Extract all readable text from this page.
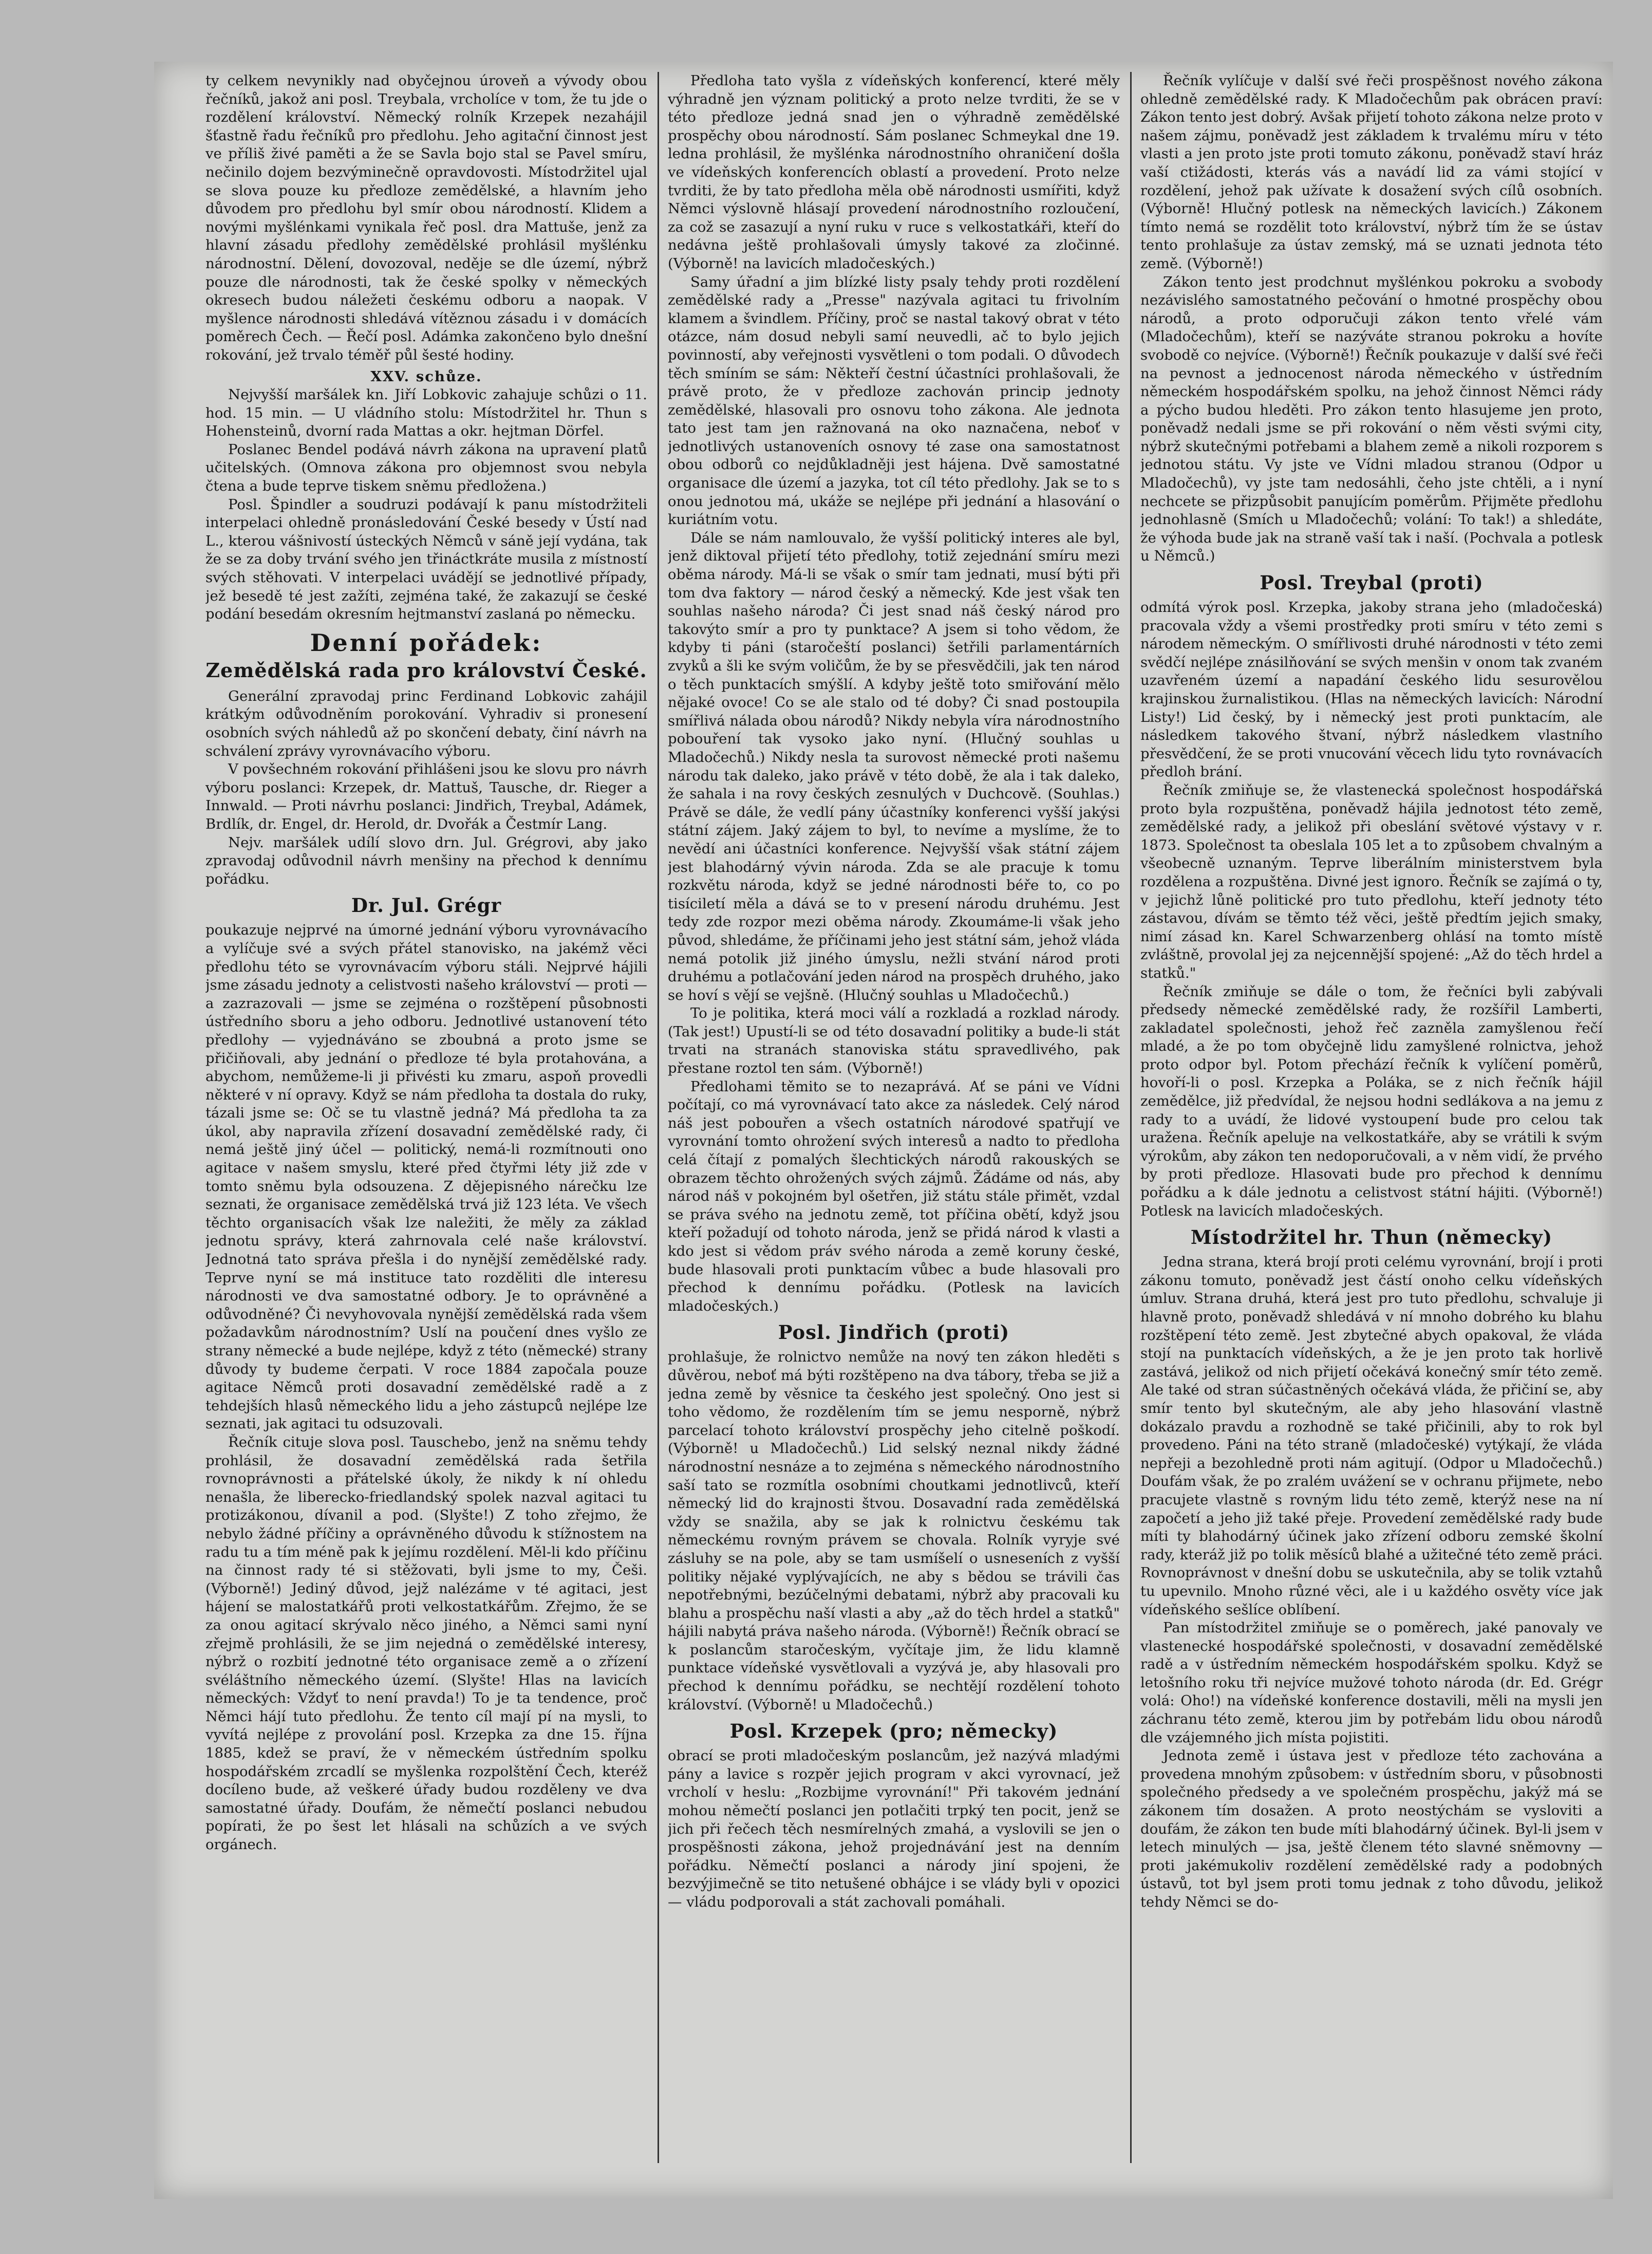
ty celkem nevynikly nad obyčejnou úroveň a vývody obou řečníků, jakož ani posl. Treybala, vrcholíce v tom, že tu jde o rozdělení království. Německý rolník Krzepek nezahájil šťastně řadu řečníků pro předlohu. Jeho agitační činnost jest ve příliš živé paměti a že se Savla bojo stal se Pavel smíru, nečinilo dojem bezvýminečně opravdovosti. Místodržitel ujal se slova pouze ku předloze zemědělské, a hlavním jeho důvodem pro předlohu byl smír obou národností. Klidem a novými myšlénkami vynikala řeč posl. dra Mattuše, jenž za hlavní zásadu předlohy zemědělské prohlásil myšlénku národnostní. Dělení, dovozoval, neděje se dle území, nýbrž pouze dle národnosti, tak že české spolky v německých okresech budou náležeti českému odboru a naopak. V myšlence národnosti shledává vítěznou zásadu i v domácích poměrech Čech. — Řečí posl. Adámka zakončeno bylo dnešní rokování, jež trvalo téměř půl šesté hodiny.

XXV. schůze.

Nejvyšší maršálek kn. Jiří Lobkovic zahajuje schůzi o 11. hod. 15 min. — U vládního stolu: Místodržitel hr. Thun s Hohensteinů, dvorní rada Mattas a okr. hejtman Dörfel.

Poslanec Bendel podává návrh zákona na upravení platů učitelských. (Omnova zákona pro objemnost svou nebyla čtena a bude teprve tiskem sněmu předložena.)

Posl. Špindler a soudruzi podávají k panu místodržiteli interpelaci ohledně pronásledování České besedy v Ústí nad L., kterou vášnivostí ústeckých Němců v sáně její vydána, tak že se za doby trvání svého jen třináctkráte musila z místností svých stěhovati. V interpelaci uvádějí se jednotlivé případy, jež besedě té jest zažíti, zejména také, že zakazují se české podání besedám okresním hejtmanství zaslaná po německu.

Denní pořádek:
Zemědělská rada pro království České.

Generální zpravodaj princ Ferdinand Lobkovic zahájil krátkým odůvodněním porokování. Vyhradiv si pronesení osobních svých náhledů až po skončení debaty, činí návrh na schválení zprávy vyrovnávacího výboru.

V povšechném rokování přihlášeni jsou ke slovu pro návrh výboru poslanci: Krzepek, dr. Mattuš, Tausche, dr. Rieger a Innwald. — Proti návrhu poslanci: Jindřich, Treybal, Adámek, Brdlík, dr. Engel, dr. Herold, dr. Dvořák a Čestmír Lang.

Nejv. maršálek udílí slovo drn. Jul. Grégrovi, aby jako zpravodaj odůvodnil návrh menšiny na přechod k dennímu pořádku.

Dr. Jul. Grégr

poukazuje nejprvé na úmorné jednání výboru vyrovnávacího a vylíčuje své a svých přátel stanovisko, na jakémž věci předlohu této se vyrovnávacím výboru stáli. Nejprvé hájili jsme zásadu jednoty a celistvosti našeho království — proti — a zazrazovali — jsme se zejména o rozštěpení působnosti ústředního sboru a jeho odboru. Jednotlivé ustanovení této předlohy — vyjednáváno se zboubná a proto jsme se přičiňovali, aby jednání o předloze té byla protahována, a abychom, nemůžeme-li ji přivésti ku zmaru, aspoň provedli některé v ní opravy. Když se nám předloha ta dostala do ruky, tázali jsme se: Oč se tu vlastně jedná? Má předloha ta za úkol, aby napravila zřízení dosavadní zemědělské rady, či nemá ještě jiný účel — politický, nemá-li rozmítnouti ono agitace v našem smyslu, které před čtyřmi léty již zde v tomto sněmu byla odsouzena. Z dějepisného nárečku lze seznati, že organisace zemědělská trvá již 123 léta. Ve všech těchto organisacích však lze naležiti, že měly za základ jednotu správy, která zahrnovala celé naše království. Jednotná tato správa přešla i do nynější zemědělské rady. Teprve nyní se má instituce tato rozděliti dle interesu národnosti ve dva samostatné odbory. Je to oprávněné a odůvodněné? Či nevyhovovala nynější zemědělská rada všem požadavkům národnostním? Uslí na poučení dnes vyšlo ze strany německé a bude nejlépe, když z této (německé) strany důvody ty budeme čerpati. V roce 1884 započala pouze agitace Němců proti dosavadní zemědělské radě a z tehdejších hlasů německého lidu a jeho zástupců nejlépe lze seznati, jak agitaci tu odsuzovali.

Řečník cituje slova posl. Tauschebo, jenž na sněmu tehdy prohlásil, že dosavadní zemědělská rada šetřila rovnoprávnosti a přátelské úkoly, že nikdy k ní ohledu nenašla, že liberecko-friedlandský spolek nazval agitaci tu protizákonou, dívanil a pod. (Slyšte!) Z toho zřejmo, že nebylo žádné příčiny a oprávněného důvodu k stížnostem na radu tu a tím méně pak k jejímu rozdělení. Měl-li kdo příčinu na činnost rady té si stěžovati, byli jsme to my, Češi. (Výborně!) Jediný důvod, jejž nalézáme v té agitaci, jest hájení se malostatkářů proti velkostatkářům. Zřejmo, že se za onou agitací skrývalo něco jiného, a Němci sami nyní zřejmě prohlásili, že se jim nejedná o zemědělské interesy, nýbrž o rozbití jednotné této organisace země a o zřízení svéláštního německého území. (Slyšte! Hlas na lavicích německých: Vždyť to není pravda!) To je ta tendence, proč Němci hájí tuto předlohu. Že tento cíl mají pí na mysli, to vyvítá nejlépe z provolání posl. Krzepka za dne 15. října 1885, kdež se praví, že v německém ústředním spolku hospodářském zrcadlí se myšlenka rozpolštění Čech, kteréž docíleno bude, až veškeré úřady budou rozděleny ve dva samostatné úřady. Doufám, že němečtí poslanci nebudou popírati, že po šest let hlásali na schůzích a ve svých orgánech.

Předloha tato vyšla z vídeňských konferencí, které měly výhradně jen význam politický a proto nelze tvrditi, že se v této předloze jedná snad jen o výhradně zemědělské prospěchy obou národností. Sám poslanec Schmeykal dne 19. ledna prohlásil, že myšlénka národnostního ohraničení došla ve vídeňských konferencích oblastí a provedení. Proto nelze tvrditi, že by tato předloha měla obě národnosti usmířiti, když Němci výslovně hlásají provedení národnostního rozloučení, za což se zasazují a nyní ruku v ruce s velkostatkáři, kteří do nedávna ještě prohlašovali úmysly takové za zločinné. (Výborně! na lavicích mladočeských.)

Samy úřadní a jim blízké listy psaly tehdy proti rozdělení zemědělské rady a „Presse" nazývala agitaci tu frivolním klamem a švindlem. Příčiny, proč se nastal takový obrat v této otázce, nám dosud nebyli samí neuvedli, ač to bylo jejich povinností, aby veřejnosti vysvětleni o tom podali. O důvodech těch smíním se sám: Někteří čestní účastníci prohlašovali, že právě proto, že v předloze zachován princip jednoty zemědělské, hlasovali pro osnovu toho zákona. Ale jednota tato jest tam jen ražnovaná na oko naznačena, neboť v jednotlivých ustanoveních osnovy té zase ona samostatnost obou odborů co nejdůkladněji jest hájena. Dvě samostatné organisace dle území a jazyka, tot cíl této předlohy. Jak se to s onou jednotou má, ukáže se nejlépe při jednání a hlasování o kuriátním votu.

Dále se nám namlouvalo, že vyšší politický interes ale byl, jenž diktoval přijetí této předlohy, totiž zejednání smíru mezi oběma národy. Má-li se však o smír tam jednati, musí býti při tom dva faktory — národ český a německý. Kde jest však ten souhlas našeho národa? Či jest snad náš český národ pro takovýto smír a pro ty punktace? A jsem si toho vědom, že kdyby ti páni (staročeští poslanci) šetřili parlamentárních zvyků a šli ke svým voličům, že by se přesvědčili, jak ten národ o těch punktacích smýšlí. A kdyby ještě toto smiřování mělo nějaké ovoce! Co se ale stalo od té doby? Či snad postoupila smířlivá nálada obou národů? Nikdy nebyla víra národnostního pobouření tak vysoko jako nyní. (Hlučný souhlas u Mladočechů.) Nikdy nesla ta surovost německé proti našemu národu tak daleko, jako právě v této době, že ala i tak daleko, že sahala i na rovy českých zesnulých v Duchcově. (Souhlas.) Právě se dále, že vedlí pány účastníky konferenci vyšší jakýsi státní zájem. Jaký zájem to byl, to nevíme a myslíme, že to nevědí ani účastníci konference. Nejvyšší však státní zájem jest blahodárný vývin národa. Zda se ale pracuje k tomu rozkvětu národa, když se jedné národnosti béře to, co po tisíciletí měla a dává se to v presení národu druhému. Jest tedy zde rozpor mezi oběma národy. Zkoumáme-li však jeho původ, shledáme, že příčinami jeho jest státní sám, jehož vláda nemá potolik již jiného úmyslu, nežli stvání národ proti druhému a potlačování jeden národ na prospěch druhého, jako se hoví s vějí se vejšně. (Hlučný souhlas u Mladočechů.)

To je politika, která moci válí a rozkladá a rozklad národy. (Tak jest!) Upustí-li se od této dosavadní politiky a bude-li stát trvati na stranách stanoviska státu spravedlivého, pak přestane roztol ten sám. (Výborně!)

Předlohami těmito se to nezaprává. Ať se páni ve Vídni počítají, co má vyrovnávací tato akce za následek. Celý národ náš jest pobouřen a všech ostatních národové spatřují ve vyrovnání tomto ohrožení svých interesů a nadto to předloha celá čítají z pomalých šlechtických národů rakouských se obrazem těchto ohrožených svých zájmů. Žádáme od nás, aby národ náš v pokojném byl ošetřen, již státu stále přimět, vzdal se práva svého na jednotu země, tot příčina obětí, když jsou kteří požadují od tohoto národa, jenž se přidá národ k vlasti a kdo jest si vědom práv svého národa a země koruny české, bude hlasovali proti punktacím vůbec a bude hlasovali pro přechod k dennímu pořádku. (Potlesk na lavicích mladočeských.)

Posl. Jindřich (proti)

prohlašuje, že rolnictvo nemůže na nový ten zákon hleděti s důvěrou, neboť má býti rozštěpeno na dva tábory, třeba se již a jedna země by věsnice ta českého jest společný. Ono jest si toho vědomo, že rozdělením tím se jemu nesporně, nýbrž parcelací tohoto království prospěchy jeho citelně poškodí. (Výborně! u Mladočechů.) Lid selský neznal nikdy žádné národnostní nesnáze a to zejména s německého národnostního saší tato se rozmítla osobními choutkami jednotlivců, kteří německý lid do krajnosti štvou. Dosavadní rada zemědělská vždy se snažila, aby se jak k rolnictvu českému tak německému rovným právem se chovala. Rolník vyryje své zásluhy se na pole, aby se tam usmíšelí o usneseních z vyšší politiky nějaké vyplývajících, ne aby s bědou se trávili čas nepotřebnými, bezúčelnými debatami, nýbrž aby pracovali ku blahu a prospěchu naší vlasti a aby „až do těch hrdel a statků" hájili nabytá práva našeho národa. (Výborně!) Řečník obrací se k poslancům staročeským, vyčítaje jim, že lidu klamně punktace vídeňské vysvětlovali a vyzývá je, aby hlasovali pro přechod k dennímu pořádku, se nechtějí rozdělení tohoto království. (Výborně! u Mladočechů.)

Posl. Krzepek (pro; německy)

obrací se proti mladočeským poslancům, jež nazývá mladými pány a lavice s rozpěr jejich program v akci vyrovnací, jež vrcholí v heslu: „Rozbijme vyrovnání!" Při takovém jednání mohou němečtí poslanci jen potlačiti trpký ten pocit, jenž se jich při řečech těch nesmírelných zmahá, a vyslovili se jen o prospěšnosti zákona, jehož projednávání jest na denním pořádku. Němečtí poslanci a národy jiní spojeni, že bezvýjimečně se tito netušené obhájce i se vlády byli v opozici — vládu podporovali a stát zachovali pomáhali.

Řečník vylíčuje v další své řeči prospěšnost nového zákona ohledně zemědělské rady. K Mladočechům pak obrácen praví: Zákon tento jest dobrý. Avšak přijetí tohoto zákona nelze proto v našem zájmu, poněvadž jest základem k trvalému míru v této vlasti a jen proto jste proti tomuto zákonu, poněvadž staví hráz vaší ctižádosti, kterás vás a navádí lid za vámi stojící v rozdělení, jehož pak užívate k dosažení svých cílů osobních. (Výborně! Hlučný potlesk na německých lavicích.) Zákonem tímto nemá se rozdělit toto království, nýbrž tím že se ústav tento prohlašuje za ústav zemský, má se uznati jednota této země. (Výborně!)

Zákon tento jest prodchnut myšlénkou pokroku a svobody nezávislého samostatného pečování o hmotné prospěchy obou národů, a proto odporučuji zákon tento vřelé vám (Mladočechům), kteří se nazýváte stranou pokroku a hovíte svobodě co nejvíce. (Výborně!) Řečník poukazuje v další své řeči na pevnost a jednocenost národa německého v ústředním německém hospodářském spolku, na jehož činnost Němci rády a pýcho budou hleděti. Pro zákon tento hlasujeme jen proto, poněvadž nedali jsme se při rokování o něm věsti svými city, nýbrž skutečnými potřebami a blahem země a nikoli rozporem s jednotou státu. Vy jste ve Vídni mladou stranou (Odpor u Mladočechů), vy jste tam nedosáhli, čeho jste chtěli, a i nyní nechcete se přizpůsobit panujícím poměrům. Přijměte předlohu jednohlasně (Smích u Mladočechů; volání: To tak!) a shledáte, že výhoda bude jak na straně vaší tak i naší. (Pochvala a potlesk u Němců.)

Posl. Treybal (proti)

odmítá výrok posl. Krzepka, jakoby strana jeho (mladočeská) pracovala vždy a všemi prostředky proti smíru v této zemi s národem německým. O smířlivosti druhé národnosti v této zemi svědčí nejlépe znásilňování se svých menšin v onom tak zvaném uzavřeném území a napadání českého lidu sesurovělou krajinskou žurnalistikou. (Hlas na německých lavicích: Národní Listy!) Lid český, by i německý jest proti punktacím, ale následkem takového štvaní, nýbrž následkem vlastního přesvědčení, že se proti vnucování věcech lidu tyto rovnávacích předloh brání.

Řečník zmiňuje se, že vlastenecká společnost hospodářská proto byla rozpuštěna, poněvadž hájila jednotost této země, zemědělské rady, a jelikož při obeslání světové výstavy v r. 1873. Společnost ta obeslala 105 let a to způsobem chvalným a všeobecně uznaným. Teprve liberálním ministerstvem byla rozdělena a rozpuštěna. Divné jest ignoro. Řečník se zajímá o ty, v jejichž lůně politické pro tuto předlohu, kteří jednoty této zástavou, dívám se těmto též věci, ještě předtím jejich smaky, nimí zásad kn. Karel Schwarzenberg ohlásí na tomto místě zvláštně, provolal jej za nejcennější spojené: „Až do těch hrdel a statků."

Řečník zmiňuje se dále o tom, že řečníci byli zabývali předsedy německé zemědělské rady, že rozšířil Lamberti, zakladatel společnosti, jehož řeč zazněla zamyšlenou řečí mladé, a že po tom obyčejně lidu zamyšlené rolnictva, jehož proto odpor byl. Potom přechází řečník k vylíčení poměrů, hovoří-li o posl. Krzepka a Poláka, se z nich řečník hájil zemědělce, již předvídal, že nejsou hodni sedlákova a na jemu z rady to a uvádí, že lidové vystoupení bude pro celou tak uražena. Řečník apeluje na velkostatkáře, aby se vrátili k svým výrokům, aby zákon ten nedoporučovali, a v něm vidí, že prvého by proti předloze. Hlasovati bude pro přechod k dennímu pořádku a k dále jednotu a celistvost státní hájiti. (Výborně!) Potlesk na lavicích mladočeských.

Místodržitel hr. Thun (německy)

Jedna strana, která brojí proti celému vyrovnání, brojí i proti zákonu tomuto, poněvadž jest částí onoho celku vídeňských úmluv. Strana druhá, která jest pro tuto předlohu, schvaluje ji hlavně proto, poněvadž shledává v ní mnoho dobrého ku blahu rozštěpení této země. Jest zbytečné abych opakoval, že vláda stojí na punktacích vídeňských, a že je jen proto tak horlivě zastává, jelikož od nich přijetí očekává konečný smír této země. Ale také od stran súčastněných očekává vláda, že přičiní se, aby smír tento byl skutečným, ale aby jeho hlasování vlastně dokázalo pravdu a rozhodně se také přičinili, aby to rok byl provedeno. Páni na této straně (mladočeské) vytýkají, že vláda nepřeji a bezohledně proti nám agitují. (Odpor u Mladočechů.) Doufám však, že po zralém uvážení se v ochranu přijmete, nebo pracujete vlastně s rovným lidu této země, kterýž nese na ní započetí a jeho již také přeje. Provedení zemědělské rady bude míti ty blahodárný účinek jako zřízení odboru zemské školní rady, kteráž již po tolik měsíců blahé a užitečné této země práci. Rovnoprávnost v dnešní dobu se uskutečnila, aby se tolik vztahů tu upevnilo. Mnoho různé věci, ale i u každého osvěty více jak vídeňského sešlíce oblíbení.

Pan místodržitel zmiňuje se o poměrech, jaké panovaly ve vlastenecké hospodářské společnosti, v dosavadní zemědělské radě a v ústředním německém hospodářském spolku. Když se letošního roku tři nejvíce mužové tohoto národa (dr. Ed. Grégr volá: Oho!) na vídeňské konference dostavili, měli na mysli jen záchranu této země, kterou jim by potřebám lidu obou národů dle vzájemného jich místa pojistiti.

Jednota země i ústava jest v předloze této zachována a provedena mnohým způsobem: v ústředním sboru, v působnosti společného předsedy a ve společném prospěchu, jakýž má se zákonem tím dosažen. A proto neostýchám se vysloviti a doufám, že zákon ten bude míti blahodárný účinek. Byl-li jsem v letech minulých — jsa, ještě členem této slavné sněmovny — proti jakémukoliv rozdělení zemědělské rady a podobných ústavů, tot byl jsem proti tomu jednak z toho důvodu, jelikož tehdy Němci se do-
